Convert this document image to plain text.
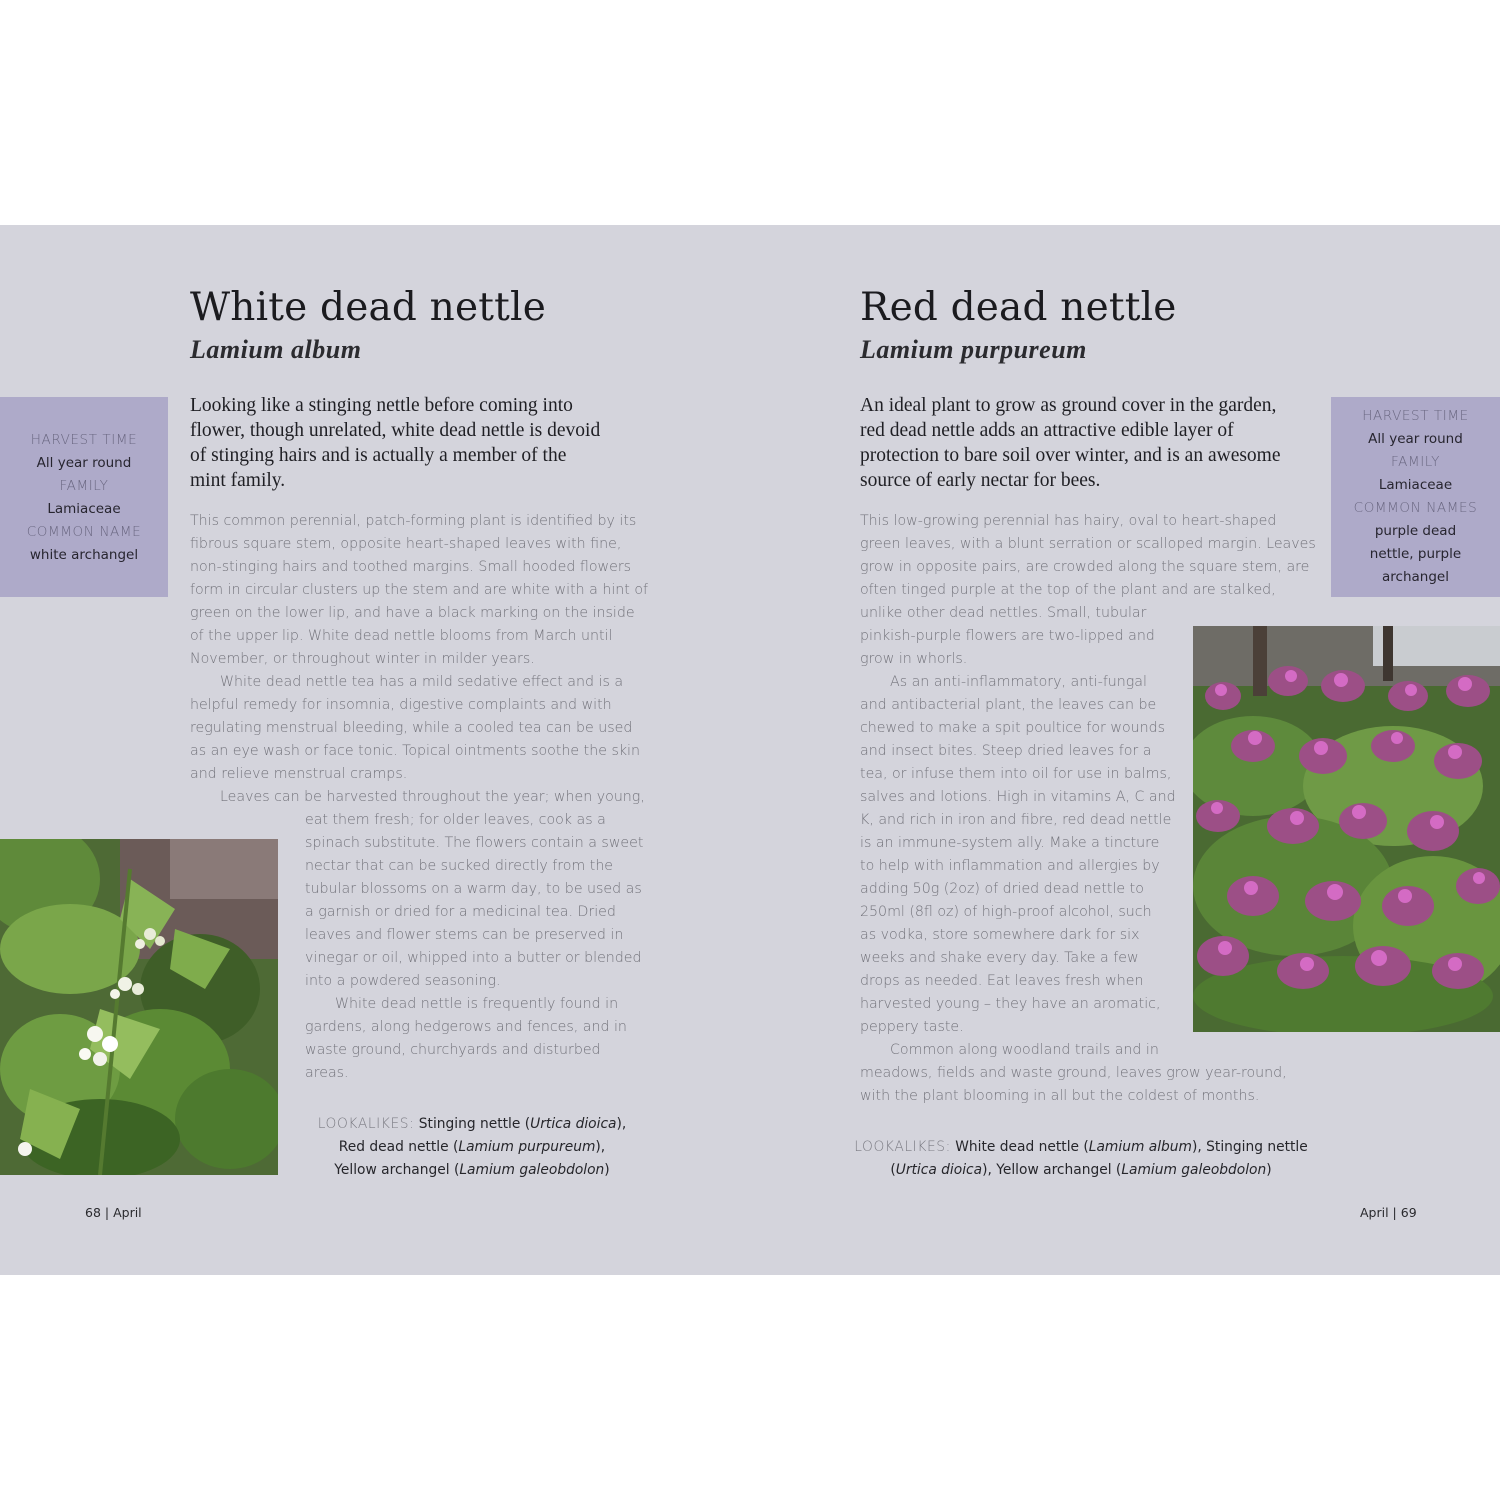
White dead nettle
Lamium album
HARVEST TIME
All year round
FAMILY
Lamiaceae
COMMON NAME
white archangel

Looking like a stinging nettle before coming into
flower, though unrelated, white dead nettle is devoid
of stinging hairs and is actually a member of the
mint family.

This common perennial, patch-forming plant is identified by its
fibrous square stem, opposite heart-shaped leaves with fine,
non-stinging hairs and toothed margins. Small hooded flowers
form in circular clusters up the stem and are white with a hint of
green on the lower lip, and have a black marking on the inside
of the upper lip. White dead nettle blooms from March until
November, or throughout winter in milder years.
White dead nettle tea has a mild sedative effect and is a
helpful remedy for insomnia, digestive complaints and with
regulating menstrual bleeding, while a cooled tea can be used
as an eye wash or face tonic. Topical ointments soothe the skin
and relieve menstrual cramps.
Leaves can be harvested throughout the year; when young,
eat them fresh; for older leaves, cook as a
spinach substitute. The flowers contain a sweet
nectar that can be sucked directly from the
tubular blossoms on a warm day, to be used as
a garnish or dried for a medicinal tea. Dried
leaves and flower stems can be preserved in
vinegar or oil, whipped into a butter or blended
into a powdered seasoning.
White dead nettle is frequently found in
gardens, along hedgerows and fences, and in
waste ground, churchyards and disturbed
areas.
LOOKALIKES: Stinging nettle (Urtica dioica),
Red dead nettle (Lamium purpureum),
Yellow archangel (Lamium galeobdolon)
68 | April
Red dead nettle
Lamium purpureum

An ideal plant to grow as ground cover in the garden,
red dead nettle adds an attractive edible layer of
protection to bare soil over winter, and is an awesome
source of early nectar for bees.

HARVEST TIME
All year round
FAMILY
Lamiaceae
COMMON NAMES
purple dead
nettle, purple
archangel
This low-growing perennial has hairy, oval to heart-shaped
green leaves, with a blunt serration or scalloped margin. Leaves
grow in opposite pairs, are crowded along the square stem, are
often tinged purple at the top of the plant and are stalked,
unlike other dead nettles. Small, tubular
pinkish-purple flowers are two-lipped and
grow in whorls.
As an anti-inflammatory, anti-fungal
and antibacterial plant, the leaves can be
chewed to make a spit poultice for wounds
and insect bites. Steep dried leaves for a
tea, or infuse them into oil for use in balms,
salves and lotions. High in vitamins A, C and
K, and rich in iron and fibre, red dead nettle
is an immune-system ally. Make a tincture
to help with inflammation and allergies by
adding 50g (2oz) of dried dead nettle to
250ml (8fl oz) of high-proof alcohol, such
as vodka, store somewhere dark for six
weeks and shake every day. Take a few
drops as needed. Eat leaves fresh when
harvested young – they have an aromatic,
peppery taste.
Common along woodland trails and in
meadows, fields and waste ground, leaves grow year-round,
with the plant blooming in all but the coldest of months.
LOOKALIKES: White dead nettle (Lamium album), Stinging nettle
(Urtica dioica), Yellow archangel (Lamium galeobdolon)
April | 69
